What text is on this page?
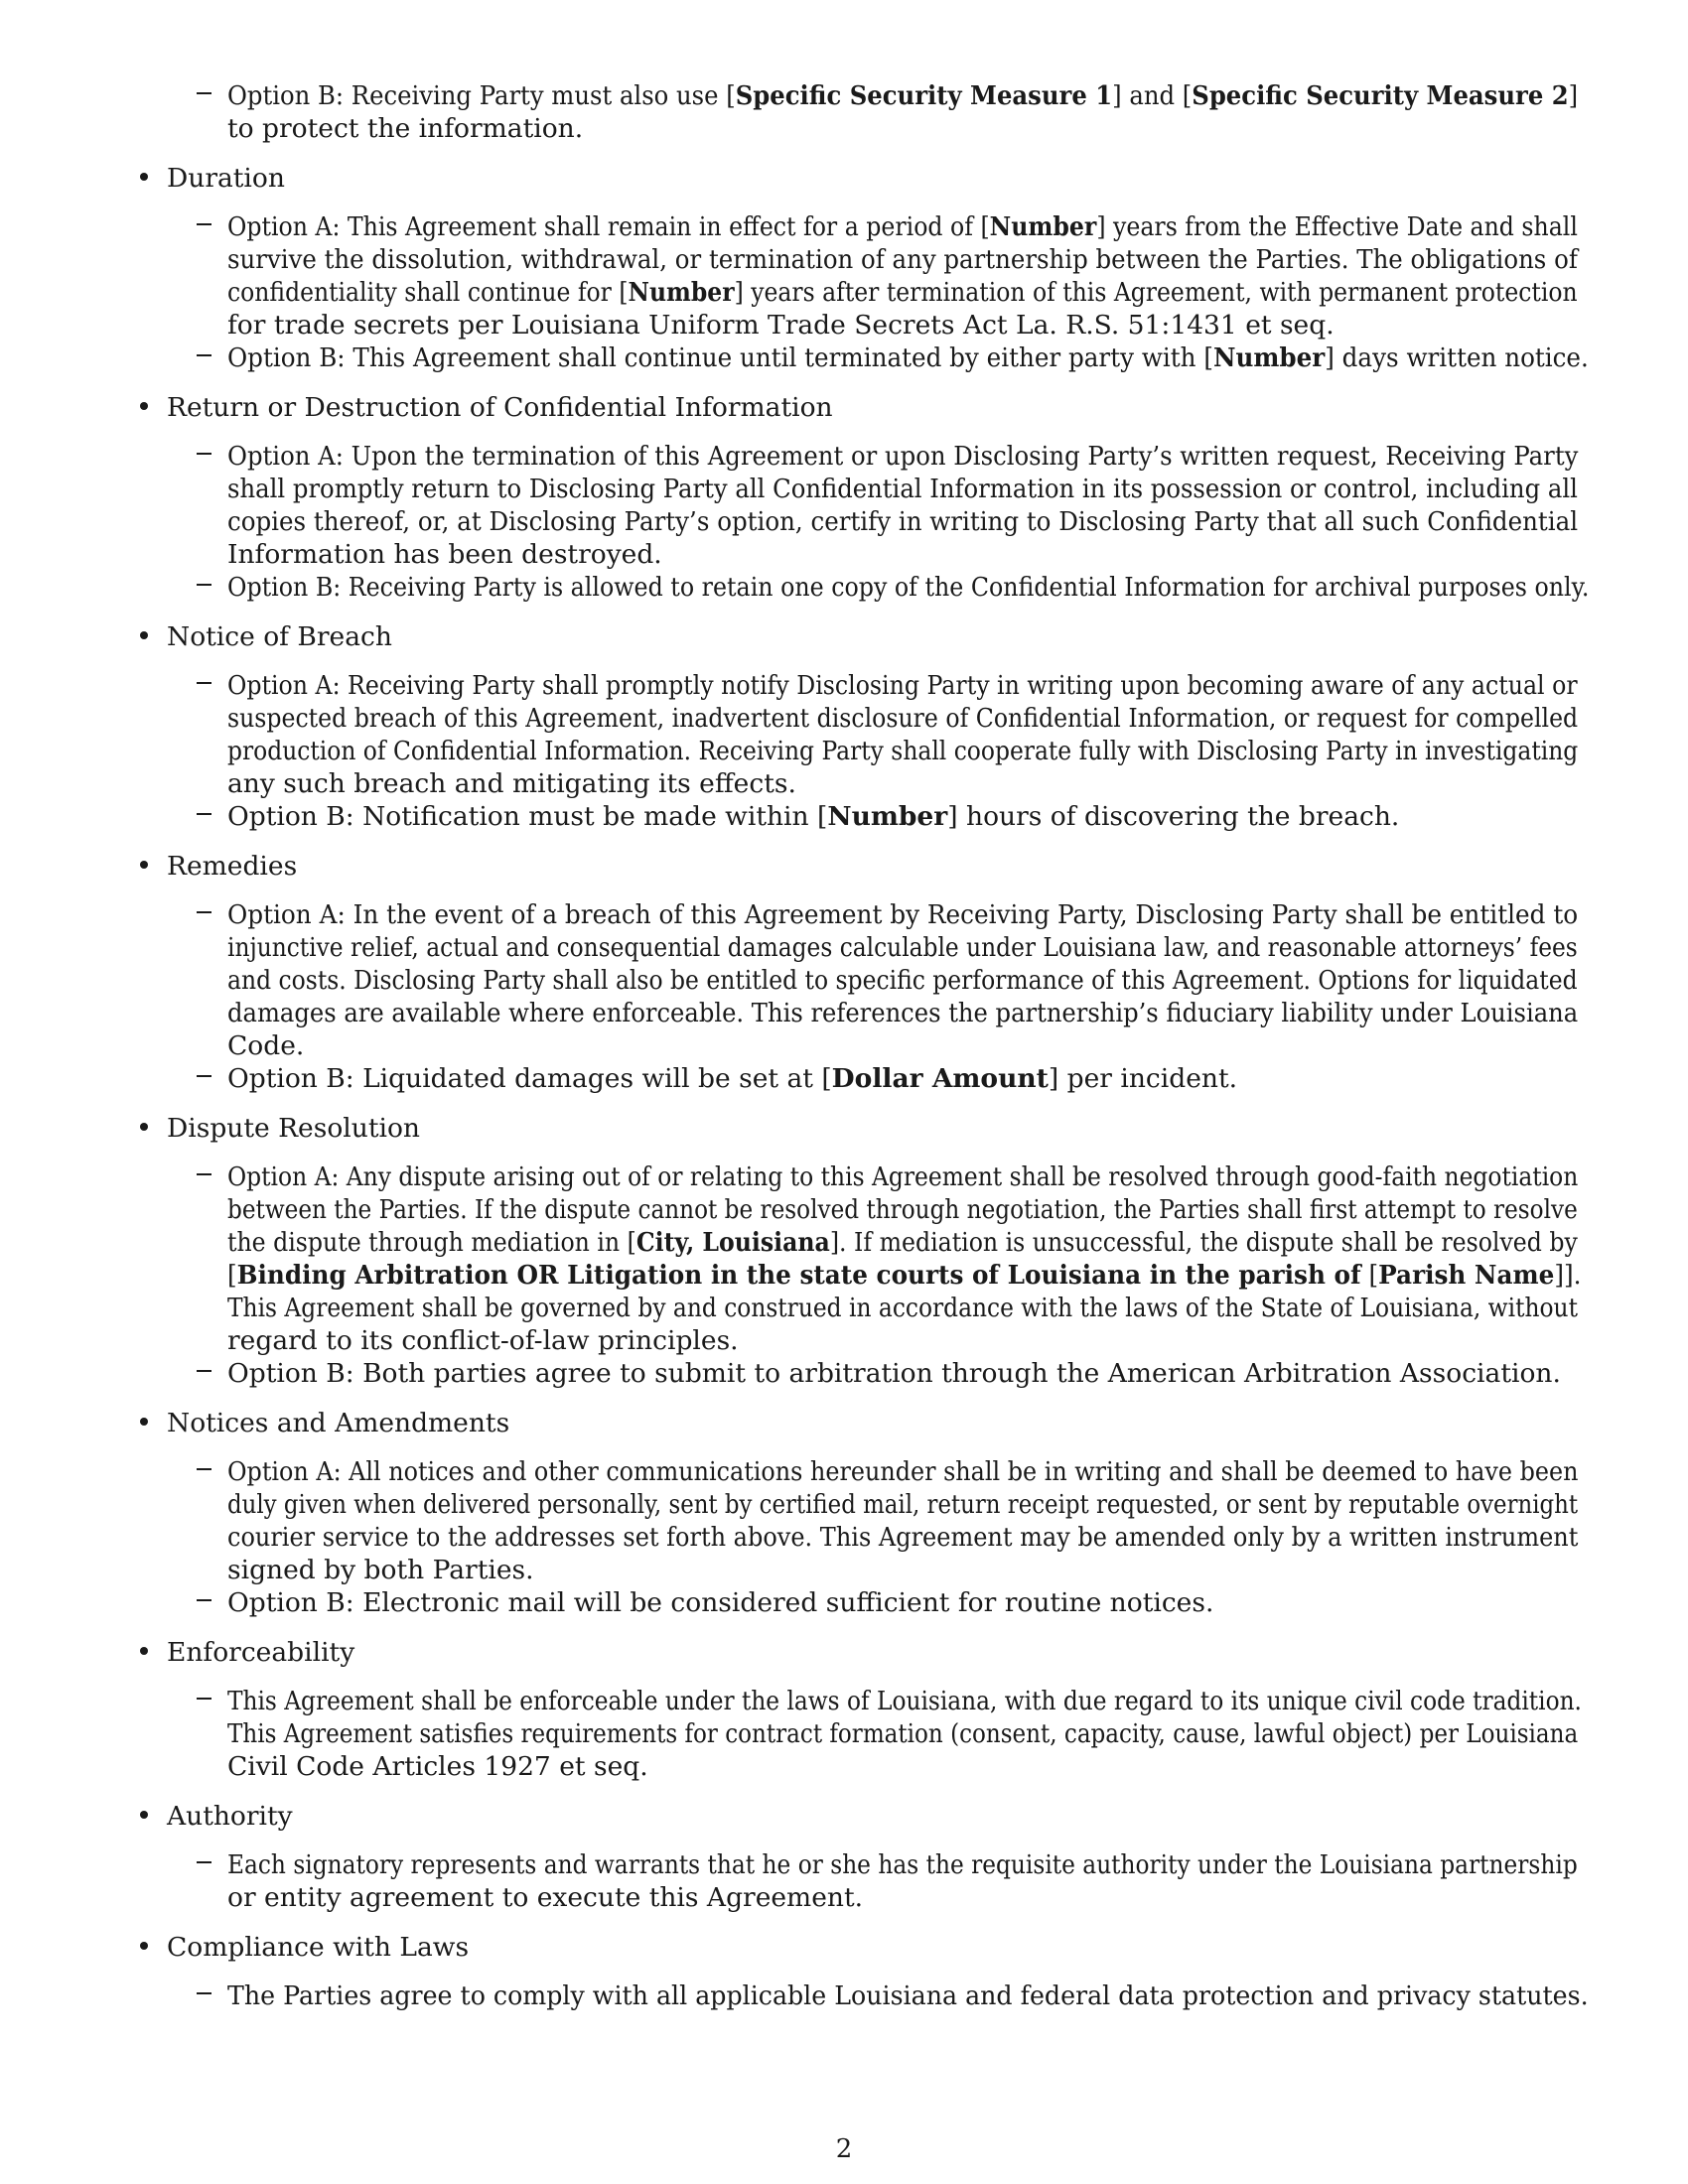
2
Option B: Receiving Party must also use [Specific Security Measure 1] and [Specific Security Measure 2]
to protect the information.
Duration
Option A: This Agreement shall remain in effect for a period of [Number] years from the Effective Date and shall
survive the dissolution, withdrawal, or termination of any partnership between the Parties. The obligations of
confidentiality shall continue for [Number] years after termination of this Agreement, with permanent protection
for trade secrets per Louisiana Uniform Trade Secrets Act La. R.S. 51:1431 et seq.
Option B: This Agreement shall continue until terminated by either party with [Number] days written notice.
Return or Destruction of Confidential Information
Option A: Upon the termination of this Agreement or upon Disclosing Party’s written request, Receiving Party
shall promptly return to Disclosing Party all Confidential Information in its possession or control, including all
copies thereof, or, at Disclosing Party’s option, certify in writing to Disclosing Party that all such Confidential
Information has been destroyed.
Option B: Receiving Party is allowed to retain one copy of the Confidential Information for archival purposes only.
Notice of Breach
Option A: Receiving Party shall promptly notify Disclosing Party in writing upon becoming aware of any actual or
suspected breach of this Agreement, inadvertent disclosure of Confidential Information, or request for compelled
production of Confidential Information. Receiving Party shall cooperate fully with Disclosing Party in investigating
any such breach and mitigating its effects.
Option B: Notification must be made within [Number] hours of discovering the breach.
Remedies
Option A: In the event of a breach of this Agreement by Receiving Party, Disclosing Party shall be entitled to
injunctive relief, actual and consequential damages calculable under Louisiana law, and reasonable attorneys’ fees
and costs. Disclosing Party shall also be entitled to specific performance of this Agreement. Options for liquidated
damages are available where enforceable. This references the partnership’s fiduciary liability under Louisiana
Code.
Option B: Liquidated damages will be set at [Dollar Amount] per incident.
Dispute Resolution
Option A: Any dispute arising out of or relating to this Agreement shall be resolved through good-faith negotiation
between the Parties. If the dispute cannot be resolved through negotiation, the Parties shall first attempt to resolve
the dispute through mediation in [City, Louisiana]. If mediation is unsuccessful, the dispute shall be resolved by
[Binding Arbitration OR Litigation in the state courts of Louisiana in the parish of [Parish Name]].
This Agreement shall be governed by and construed in accordance with the laws of the State of Louisiana, without
regard to its conflict-of-law principles.
Option B: Both parties agree to submit to arbitration through the American Arbitration Association.
Notices and Amendments
Option A: All notices and other communications hereunder shall be in writing and shall be deemed to have been
duly given when delivered personally, sent by certified mail, return receipt requested, or sent by reputable overnight
courier service to the addresses set forth above. This Agreement may be amended only by a written instrument
signed by both Parties.
Option B: Electronic mail will be considered sufficient for routine notices.
Enforceability
This Agreement shall be enforceable under the laws of Louisiana, with due regard to its unique civil code tradition.
This Agreement satisfies requirements for contract formation (consent, capacity, cause, lawful object) per Louisiana
Civil Code Articles 1927 et seq.
Authority
Each signatory represents and warrants that he or she has the requisite authority under the Louisiana partnership
or entity agreement to execute this Agreement.
Compliance with Laws
The Parties agree to comply with all applicable Louisiana and federal data protection and privacy statutes.
